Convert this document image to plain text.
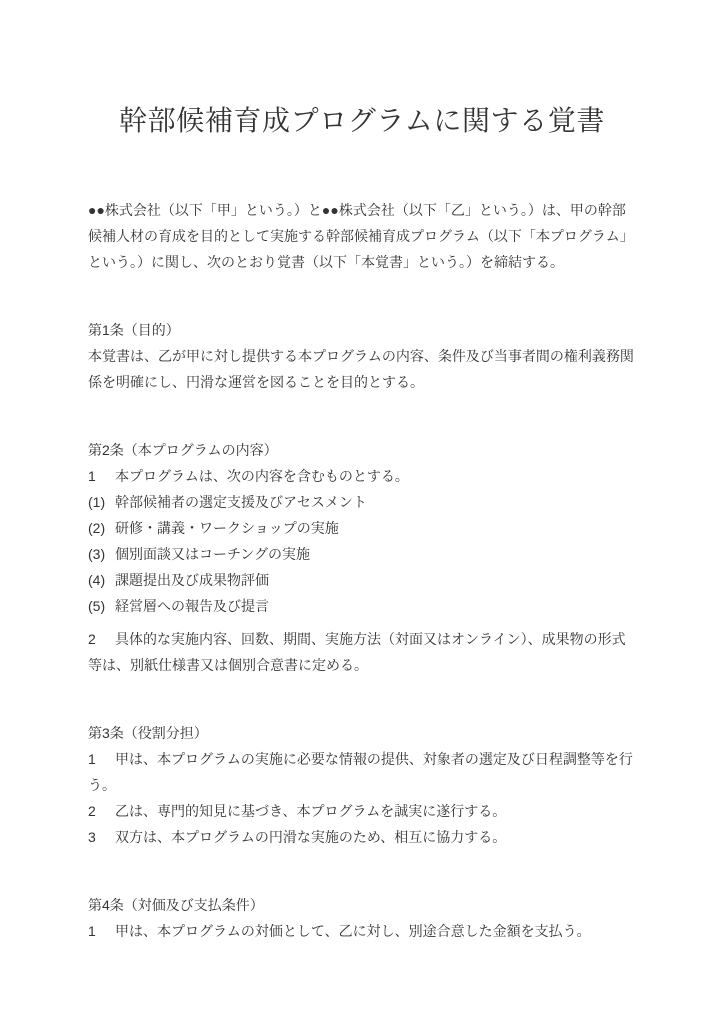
幹部候補育成プログラムに関する覚書

●●株式会社（以下「甲」という。）と●●株式会社（以下「乙」という。）は、甲の幹部候補人材の育成を目的として実施する幹部候補育成プログラム（以下「本プログラム」という。）に関し、次のとおり覚書（以下「本覚書」という。）を締結する。

第1条（目的）

本覚書は、乙が甲に対し提供する本プログラムの内容、条件及び当事者間の権利義務関係を明確にし、円滑な運営を図ることを目的とする。

第2条（本プログラムの内容）

1 本プログラムは、次の内容を含むものとする。

(1) 幹部候補者の選定支援及びアセスメント

(2) 研修・講義・ワークショップの実施

(3) 個別面談又はコーチングの実施

(4) 課題提出及び成果物評価

(5) 経営層への報告及び提言

2 具体的な実施内容、回数、期間、実施方法（対面又はオンライン）、成果物の形式等は、別紙仕様書又は個別合意書に定める。

第3条（役割分担）

1 甲は、本プログラムの実施に必要な情報の提供、対象者の選定及び日程調整等を行う。

2 乙は、専門的知見に基づき、本プログラムを誠実に遂行する。

3 双方は、本プログラムの円滑な実施のため、相互に協力する。

第4条（対価及び支払条件）

1 甲は、本プログラムの対価として、乙に対し、別途合意した金額を支払う。
